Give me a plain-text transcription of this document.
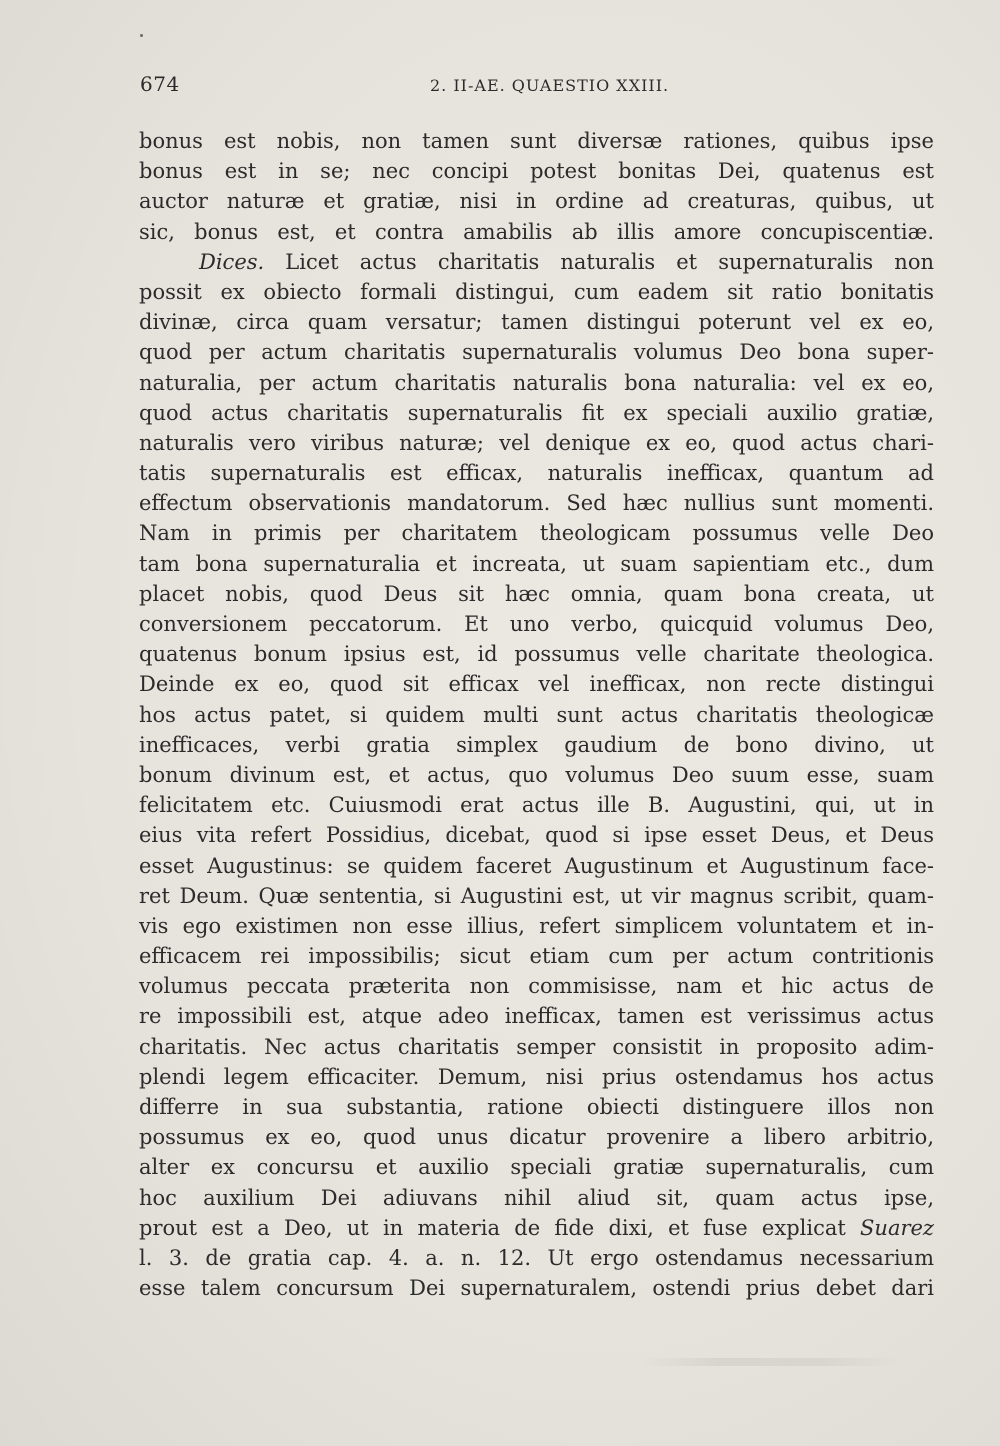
674	2. II-AE. QUAESTIO XXIII.
bonus est nobis, non tamen sunt diversæ rationes, quibus ipse
bonus est in se; nec concipi potest bonitas Dei, quatenus est
auctor naturæ et gratiæ, nisi in ordine ad creaturas, quibus, ut
sic, bonus est, et contra amabilis ab illis amore concupiscentiæ.
Dices. Licet actus charitatis naturalis et supernaturalis non
possit ex obiecto formali distingui, cum eadem sit ratio bonitatis
divinæ, circa quam versatur; tamen distingui poterunt vel ex eo,
quod per actum charitatis supernaturalis volumus Deo bona super-
naturalia, per actum charitatis naturalis bona naturalia: vel ex eo,
quod actus charitatis supernaturalis fit ex speciali auxilio gratiæ,
naturalis vero viribus naturæ; vel denique ex eo, quod actus chari-
tatis supernaturalis est efficax, naturalis inefficax, quantum ad
effectum observationis mandatorum. Sed hæc nullius sunt momenti.
Nam in primis per charitatem theologicam possumus velle Deo
tam bona supernaturalia et increata, ut suam sapientiam etc., dum
placet nobis, quod Deus sit hæc omnia, quam bona creata, ut
conversionem peccatorum. Et uno verbo, quicquid volumus Deo,
quatenus bonum ipsius est, id possumus velle charitate theologica.
Deinde ex eo, quod sit efficax vel inefficax, non recte distingui
hos actus patet, si quidem multi sunt actus charitatis theologicæ
inefficaces, verbi gratia simplex gaudium de bono divino, ut
bonum divinum est, et actus, quo volumus Deo suum esse, suam
felicitatem etc. Cuiusmodi erat actus ille B. Augustini, qui, ut in
eius vita refert Possidius, dicebat, quod si ipse esset Deus, et Deus
esset Augustinus: se quidem faceret Augustinum et Augustinum face-
ret Deum. Quæ sententia, si Augustini est, ut vir magnus scribit, quam-
vis ego existimen non esse illius, refert simplicem voluntatem et in-
efficacem rei impossibilis; sicut etiam cum per actum contritionis
volumus peccata præterita non commisisse, nam et hic actus de
re impossibili est, atque adeo inefficax, tamen est verissimus actus
charitatis. Nec actus charitatis semper consistit in proposito adim-
plendi legem efficaciter. Demum, nisi prius ostendamus hos actus
differre in sua substantia, ratione obiecti distinguere illos non
possumus ex eo, quod unus dicatur provenire a libero arbitrio,
alter ex concursu et auxilio speciali gratiæ supernaturalis, cum
hoc auxilium Dei adiuvans nihil aliud sit, quam actus ipse,
prout est a Deo, ut in materia de fide dixi, et fuse explicat Suarez
l. 3. de gratia cap. 4. a. n. 12. Ut ergo ostendamus necessarium
esse talem concursum Dei supernaturalem, ostendi prius debet dari
